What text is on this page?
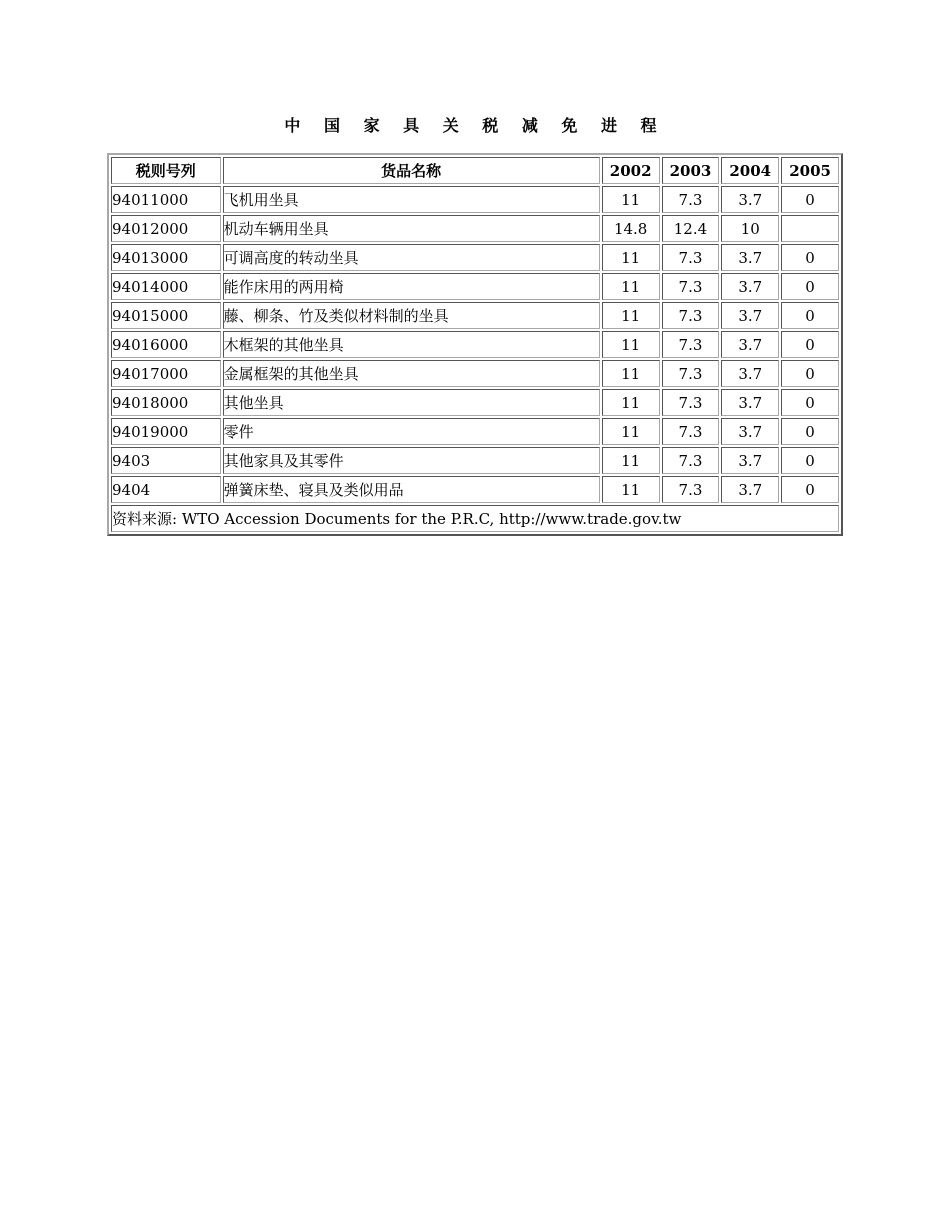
中 国 家 具 关 税 减 免 进 程
税则号列	货品名称	2002	2003	2004	2005
94011000	飞机用坐具	11	7.3	3.7	0
94012000	机动车辆用坐具	14.8	12.4	10	
94013000	可调高度的转动坐具	11	7.3	3.7	0
94014000	能作床用的两用椅	11	7.3	3.7	0
94015000	藤、柳条、竹及类似材料制的坐具	11	7.3	3.7	0
94016000	木框架的其他坐具	11	7.3	3.7	0
94017000	金属框架的其他坐具	11	7.3	3.7	0
94018000	其他坐具	11	7.3	3.7	0
94019000	零件	11	7.3	3.7	0
9403	其他家具及其零件	11	7.3	3.7	0
9404	弹簧床垫、寝具及类似用品	11	7.3	3.7	0
资料来源: WTO Accession Documents for the P.R.C, http://www.trade.gov.tw					
